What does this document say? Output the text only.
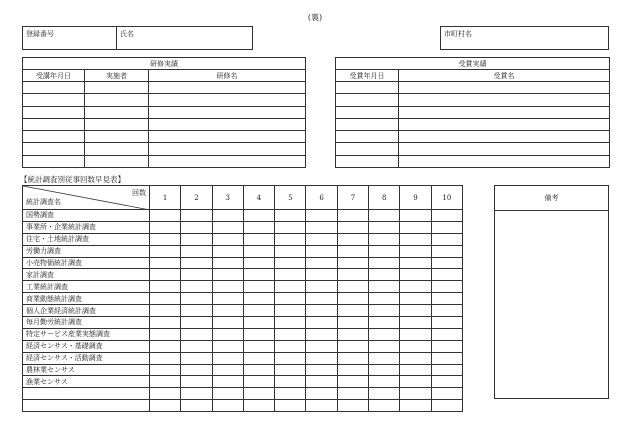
(裏)
登録番号	氏名	市町村名
研修実績		
受講年月日	実施者	研修名

受賞実績	
受賞年月日	受賞名

【統計調査別従事回数早見表】
回数
統計調査名	1	2	3	4	5	6	7	8	9	10
国勢調査										
事業所・企業統計調査										
住宅・土地統計調査										
労働力調査										
小売物価統計調査										
家計調査										
工業統計調査										
商業動態統計調査										
個人企業経済統計調査										
毎月勤労統計調査										
特定サービス産業実態調査										
経済センサス・基礎調査										
経済センサス・活動調査										
農林業センサス										
漁業センサス										

備考
